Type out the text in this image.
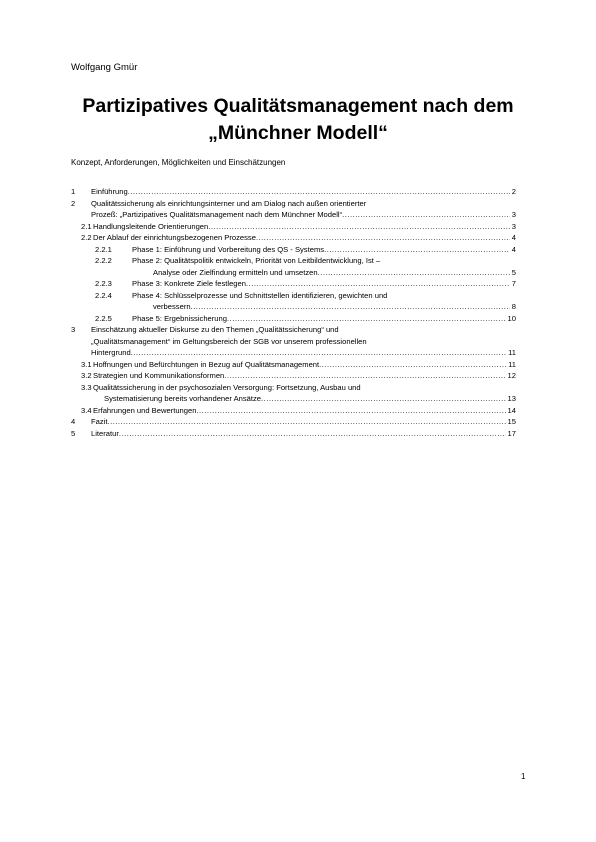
Wolfgang Gmür
Partizipatives Qualitätsmanagement nach dem
„Münchner Modell“
Konzept, Anforderungen, Möglichkeiten und Einschätzungen
1 Einführung .....	2
2 Qualitätssicherung als einrichtungsinterner und am Dialog nach außen orientierter
Prozeß: „Partizipatives Qualitätsmanagement nach dem Münchner Modell“ .....	3
2.1 Handlungsleitende Orientierungen .....	3
2.2 Der Ablauf der einrichtungsbezogenen Prozesse .....	4
2.2.1	Phase 1: Einführung und Vorbereitung des QS - Systems .....	4
2.2.2	Phase 2: Qualitätspolitik entwickeln, Priorität von Leitbildentwicklung, Ist –
Analyse oder Zielfindung ermitteln und umsetzen .....	5
2.2.3	Phase 3: Konkrete Ziele festlegen .....	7
2.2.4	Phase 4: Schlüsselprozesse und Schnittstellen identifizieren, gewichten und
verbessern .....	8
2.2.5	Phase 5: Ergebnissicherung .....	10
3 Einschätzung aktueller Diskurse zu den Themen „Qualitätssicherung“ und
„Qualitätsmanagement“ im Geltungsbereich der SGB vor unserem professionellen
Hintergrund .....	11
3.1 Hoffnungen und Befürchtungen in Bezug auf Qualitätsmanagement .....	11
3.2 Strategien und Kommunikationsformen .....	12
3.3 Qualitätssicherung in der psychosozialen Versorgung: Fortsetzung, Ausbau und
Systematisierung bereits vorhandener Ansätze .....	13
3.4 Erfahrungen und Bewertungen .....	14
4 Fazit .....	15
5 Literatur .....	17
1
